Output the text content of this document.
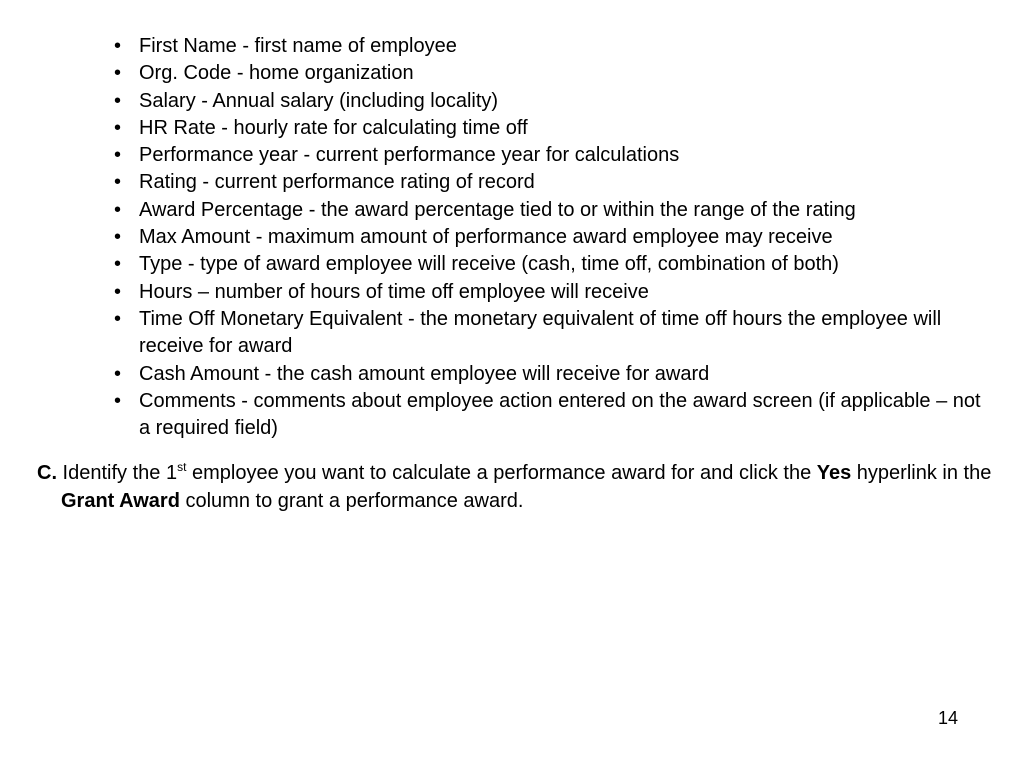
• First Name - first name of employee
• Org. Code - home organization
• Salary - Annual salary (including locality)
• HR Rate - hourly rate for calculating time off
• Performance year - current performance year for calculations
• Rating - current performance rating of record
• Award Percentage - the award percentage tied to or within the range of the rating
• Max Amount - maximum amount of performance award employee may receive
• Type - type of award employee will receive (cash, time off, combination of both)
• Hours – number of hours of time off employee will receive
• Time Off Monetary Equivalent - the monetary equivalent of time off hours the employee will receive for award
• Cash Amount - the cash amount employee will receive for award
• Comments - comments about employee action entered on the award screen (if applicable – not a required field)

C. Identify the 1st employee you want to calculate a performance award for and click the Yes hyperlink in the Grant Award column to grant a performance award.

14
